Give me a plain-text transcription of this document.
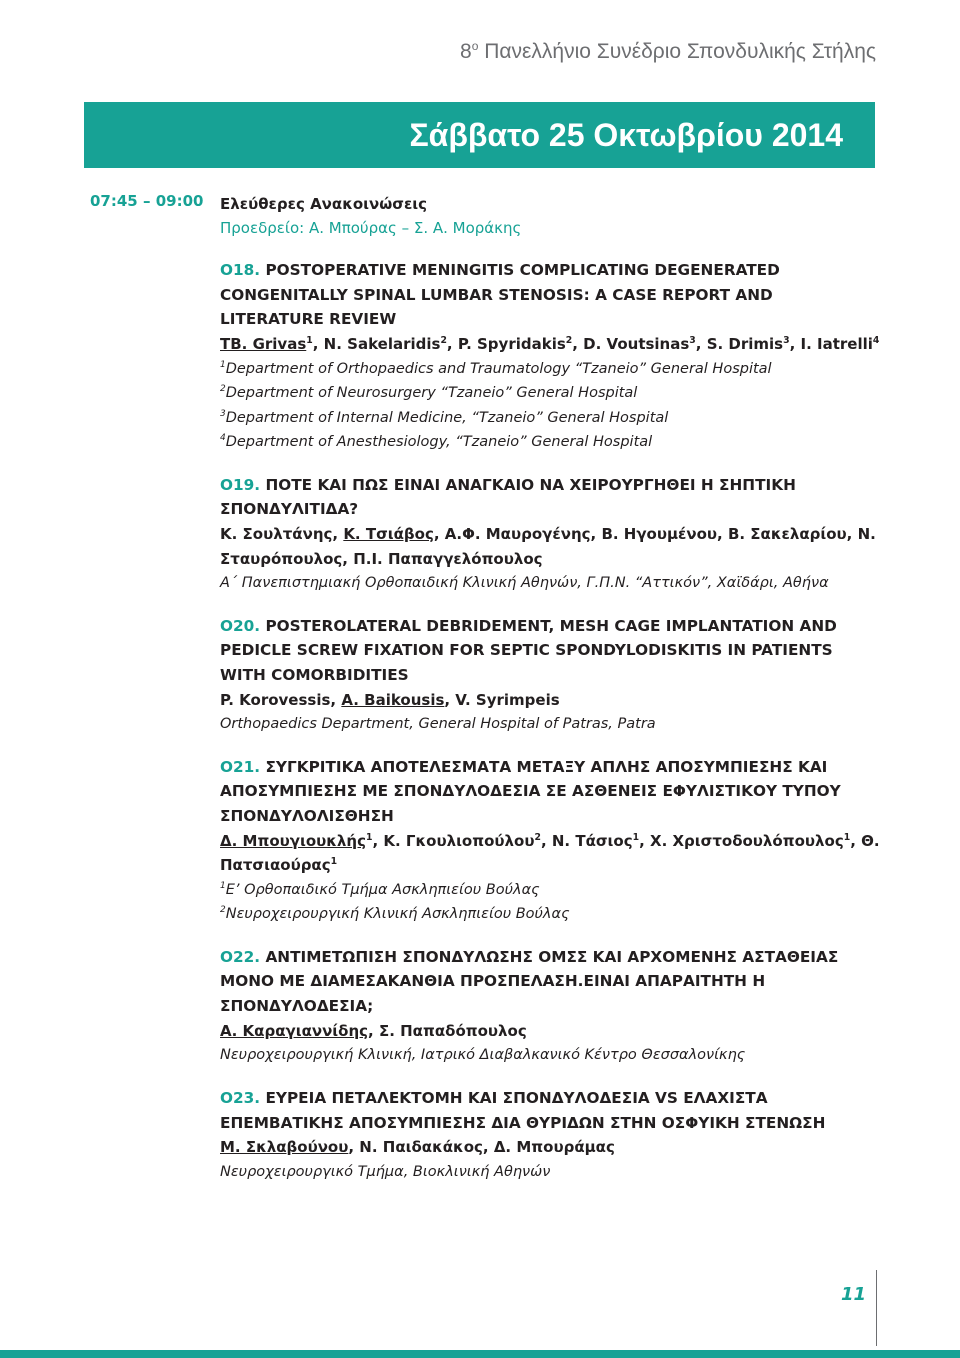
$8^o$ Πανελλήνιο Συνέδριο Σπονδυλικής Στήλης
Σάββατο 25 Οκτωβρίου 2014
07:45 – 09:00 Ελεύθερες Ανακοινώσεις
Προεδρείο: Α. Μπούρας – Σ. Α. Μοράκης
Ο18. POSTOPERATIVE MENINGITIS COMPLICATING DEGENERATED
CONGENITALLY SPINAL LUMBAR STENOSIS: A CASE REPORT AND
LITERATURE REVIEW
TB. Grivas$^1$, N. Sakelaridis$^2$, P. Spyridakis$^2$, D. Voutsinas$^3$, S. Drimis$^3$, I. Iatrelli$^4$
$^1$Department of Orthopaedics and Traumatology “Tzaneio” General Hospital
$^2$Department of Neurosurgery “Tzaneio” General Hospital
$^3$Department of Internal Medicine, “Tzaneio” General Hospital
$^4$Department of Anesthesiology, “Tzaneio” General Hospital
Ο19. ΠΟΤΕ ΚΑΙ ΠΩΣ ΕΙΝΑΙ ΑΝΑΓΚΑΙΟ ΝΑ ΧΕΙΡΟΥΡΓΗΘΕΙ Η ΣΗΠΤΙΚΗ
ΣΠΟΝΔΥΛΙΤΙΔΑ?
Κ. Σουλτάνης, Κ. Τσιάβος, Α.Φ. Μαυρογένης, Β. Ηγουμένου, Β. Σακελαρίου, Ν.
Σταυρόπουλος, Π.Ι. Παπαγγελόπουλος
Α΄ Πανεπιστημιακή Ορθοπαιδική Κλινική Αθηνών, Γ.Π.Ν. “Αττικόν”, Χαϊδάρι, Αθήνα
Ο20. POSTEROLATERAL DEBRIDEMENT, MESH CAGE IMPLANTATION AND
PEDICLE SCREW FIXATION FOR SEPTIC SPONDYLODISKITIS IN PATIENTS
WITH COMORBIDITIES
P. Korovessis, A. Baikousis, V. Syrimpeis
Orthopaedics Department, General Hospital of Patras, Patra
Ο21. ΣΥΓΚΡΙΤΙΚΑ ΑΠΟΤΕΛΕΣΜΑΤΑ ΜΕΤΑΞΥ ΑΠΛΗΣ ΑΠΟΣΥΜΠΙΕΣΗΣ ΚΑΙ
ΑΠΟΣΥΜΠΙΕΣΗΣ ΜΕ ΣΠΟΝΔΥΛΟΔΕΣΙΑ ΣΕ ΑΣΘΕΝΕΙΣ ΕΦΥΛΙΣΤΙΚΟΥ ΤΥΠΟΥ
ΣΠΟΝΔΥΛΟΛΙΣΘΗΣΗ
Δ. Μπουγιουκλής$^1$, Κ. Γκουλιοπούλου$^2$, Ν. Τάσιος$^1$, Χ. Χριστοδουλόπουλος$^1$, Θ.
Πατσιαούρας$^1$
$^1$Ε’ Ορθοπαιδικό Τμήμα Ασκληπιείου Βούλας
$^2$Νευροχειρουργική Κλινική Ασκληπιείου Βούλας
Ο22. ΑΝΤΙΜΕΤΩΠΙΣΗ ΣΠΟΝΔΥΛΩΣΗΣ ΟΜΣΣ ΚΑΙ ΑΡΧΟΜΕΝΗΣ ΑΣΤΑΘΕΙΑΣ
ΜΟΝΟ ΜΕ ΔΙΑΜΕΣΑΚΑΝΘΙΑ ΠΡΟΣΠΕΛΑΣΗ.ΕΙΝΑΙ ΑΠΑΡΑΙΤΗΤΗ Η
ΣΠΟΝΔΥΛΟΔΕΣΙΑ;
Α. Καραγιαννίδης, Σ. Παπαδόπουλος
Νευροχειρουργική Κλινική, Ιατρικό Διαβαλκανικό Κέντρο Θεσσαλονίκης
Ο23. ΕΥΡΕΙΑ ΠΕΤΑΛΕΚΤΟΜΗ ΚΑΙ ΣΠΟΝΔΥΛΟΔΕΣΙΑ VS ΕΛΑΧΙΣΤΑ
ΕΠΕΜΒΑΤΙΚΗΣ ΑΠΟΣΥΜΠΙΕΣΗΣ ΔΙΑ ΘΥΡΙΔΩΝ ΣΤΗΝ ΟΣΦΥΙΚΗ ΣΤΕΝΩΣΗ
Μ. Σκλαβούνου, Ν. Παιδακάκος, Δ. Μπουράμας
Νευροχειρουργικό Τμήμα, Βιοκλινική Αθηνών
11
